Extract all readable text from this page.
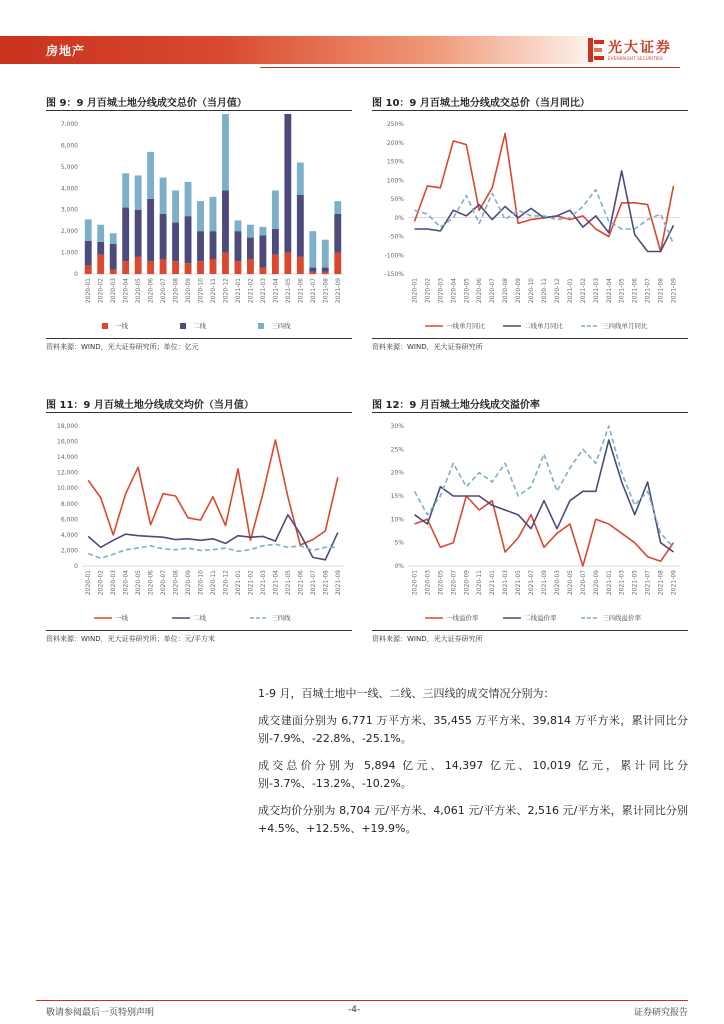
房地产	光大证券
EVERBRIGHT SECURITIES
图 9：9 月百城土地分线成交总价（当月值）
0
1,000
2,000
3,000
4,000
5,000
6,000
7,000
2020-01 2020-02 2020-03 2020-04 2020-05 2020-06 2020-07 2020-08 2020-09 2020-10 2020-11 2020-12 2021-01 2021-02 2021-03 2021-04 2021-05 2021-06 2021-07 2021-08 2021-09
一线	二线	三四线
资料来源：WIND，光大证券研究所；单位：亿元
图 10：9 月百城土地分线成交总价（当月同比）
-150%
-100%
-50%
0%
50%
100%
150%
200%
250%
2020-01 2020-02 2020-03 2020-04 2020-05 2020-06 2020-07 2020-08 2020-09 2020-10 2020-11 2020-12 2021-01 2021-02 2021-03 2021-04 2021-05 2021-06 2021-07 2021-08 2021-09
一线单月同比	二线单月同比	三四线单月同比
资料来源：WIND，光大证券研究所
图 11：9 月百城土地分线成交均价（当月值）
0
2,000
4,000
6,000
8,000
10,000
12,000
14,000
16,000
18,000
2020-01 2020-02 2020-03 2020-04 2020-05 2020-06 2020-07 2020-08 2020-09 2020-10 2020-11 2020-12 2021-01 2021-02 2021-03 2021-04 2021-05 2021-06 2021-07 2021-08 2021-09
一线	二线	三四线
资料来源：WIND，光大证券研究所；单位：元/平方米
图 12：9 月百城土地分线成交溢价率
0%
5%
10%
15%
20%
25%
30%
2020-01 2020-03 2020-05 2020-07 2020-09 2020-11 2021-01 2021-03 2021-05 2021-07 2021-09 2020-03 2020-05 2020-07 2020-09 2021-01 2021-03 2021-05 2021-07 2021-08 2021-09
一线溢价率	二线溢价率	三四线溢价率
资料来源：WIND，光大证券研究所

1-9 月，百城土地中一线、二线、三四线的成交情况分别为：

成交建面分别为 6,771 万平方米、35,455 万平方米、39,814 万平方米，累计同比分别-7.9%、-22.8%、-25.1%。

成交总价分别为 5,894 亿元、14,397 亿元、10,019 亿元，累计同比分别-3.7%、-13.2%、-10.2%。

成交均价分别为 8,704 元/平方米、4,061 元/平方米、2,516 元/平方米，累计同比分别+4.5%、+12.5%、+19.9%。

敬请参阅最后一页特别声明	-4-	证券研究报告
